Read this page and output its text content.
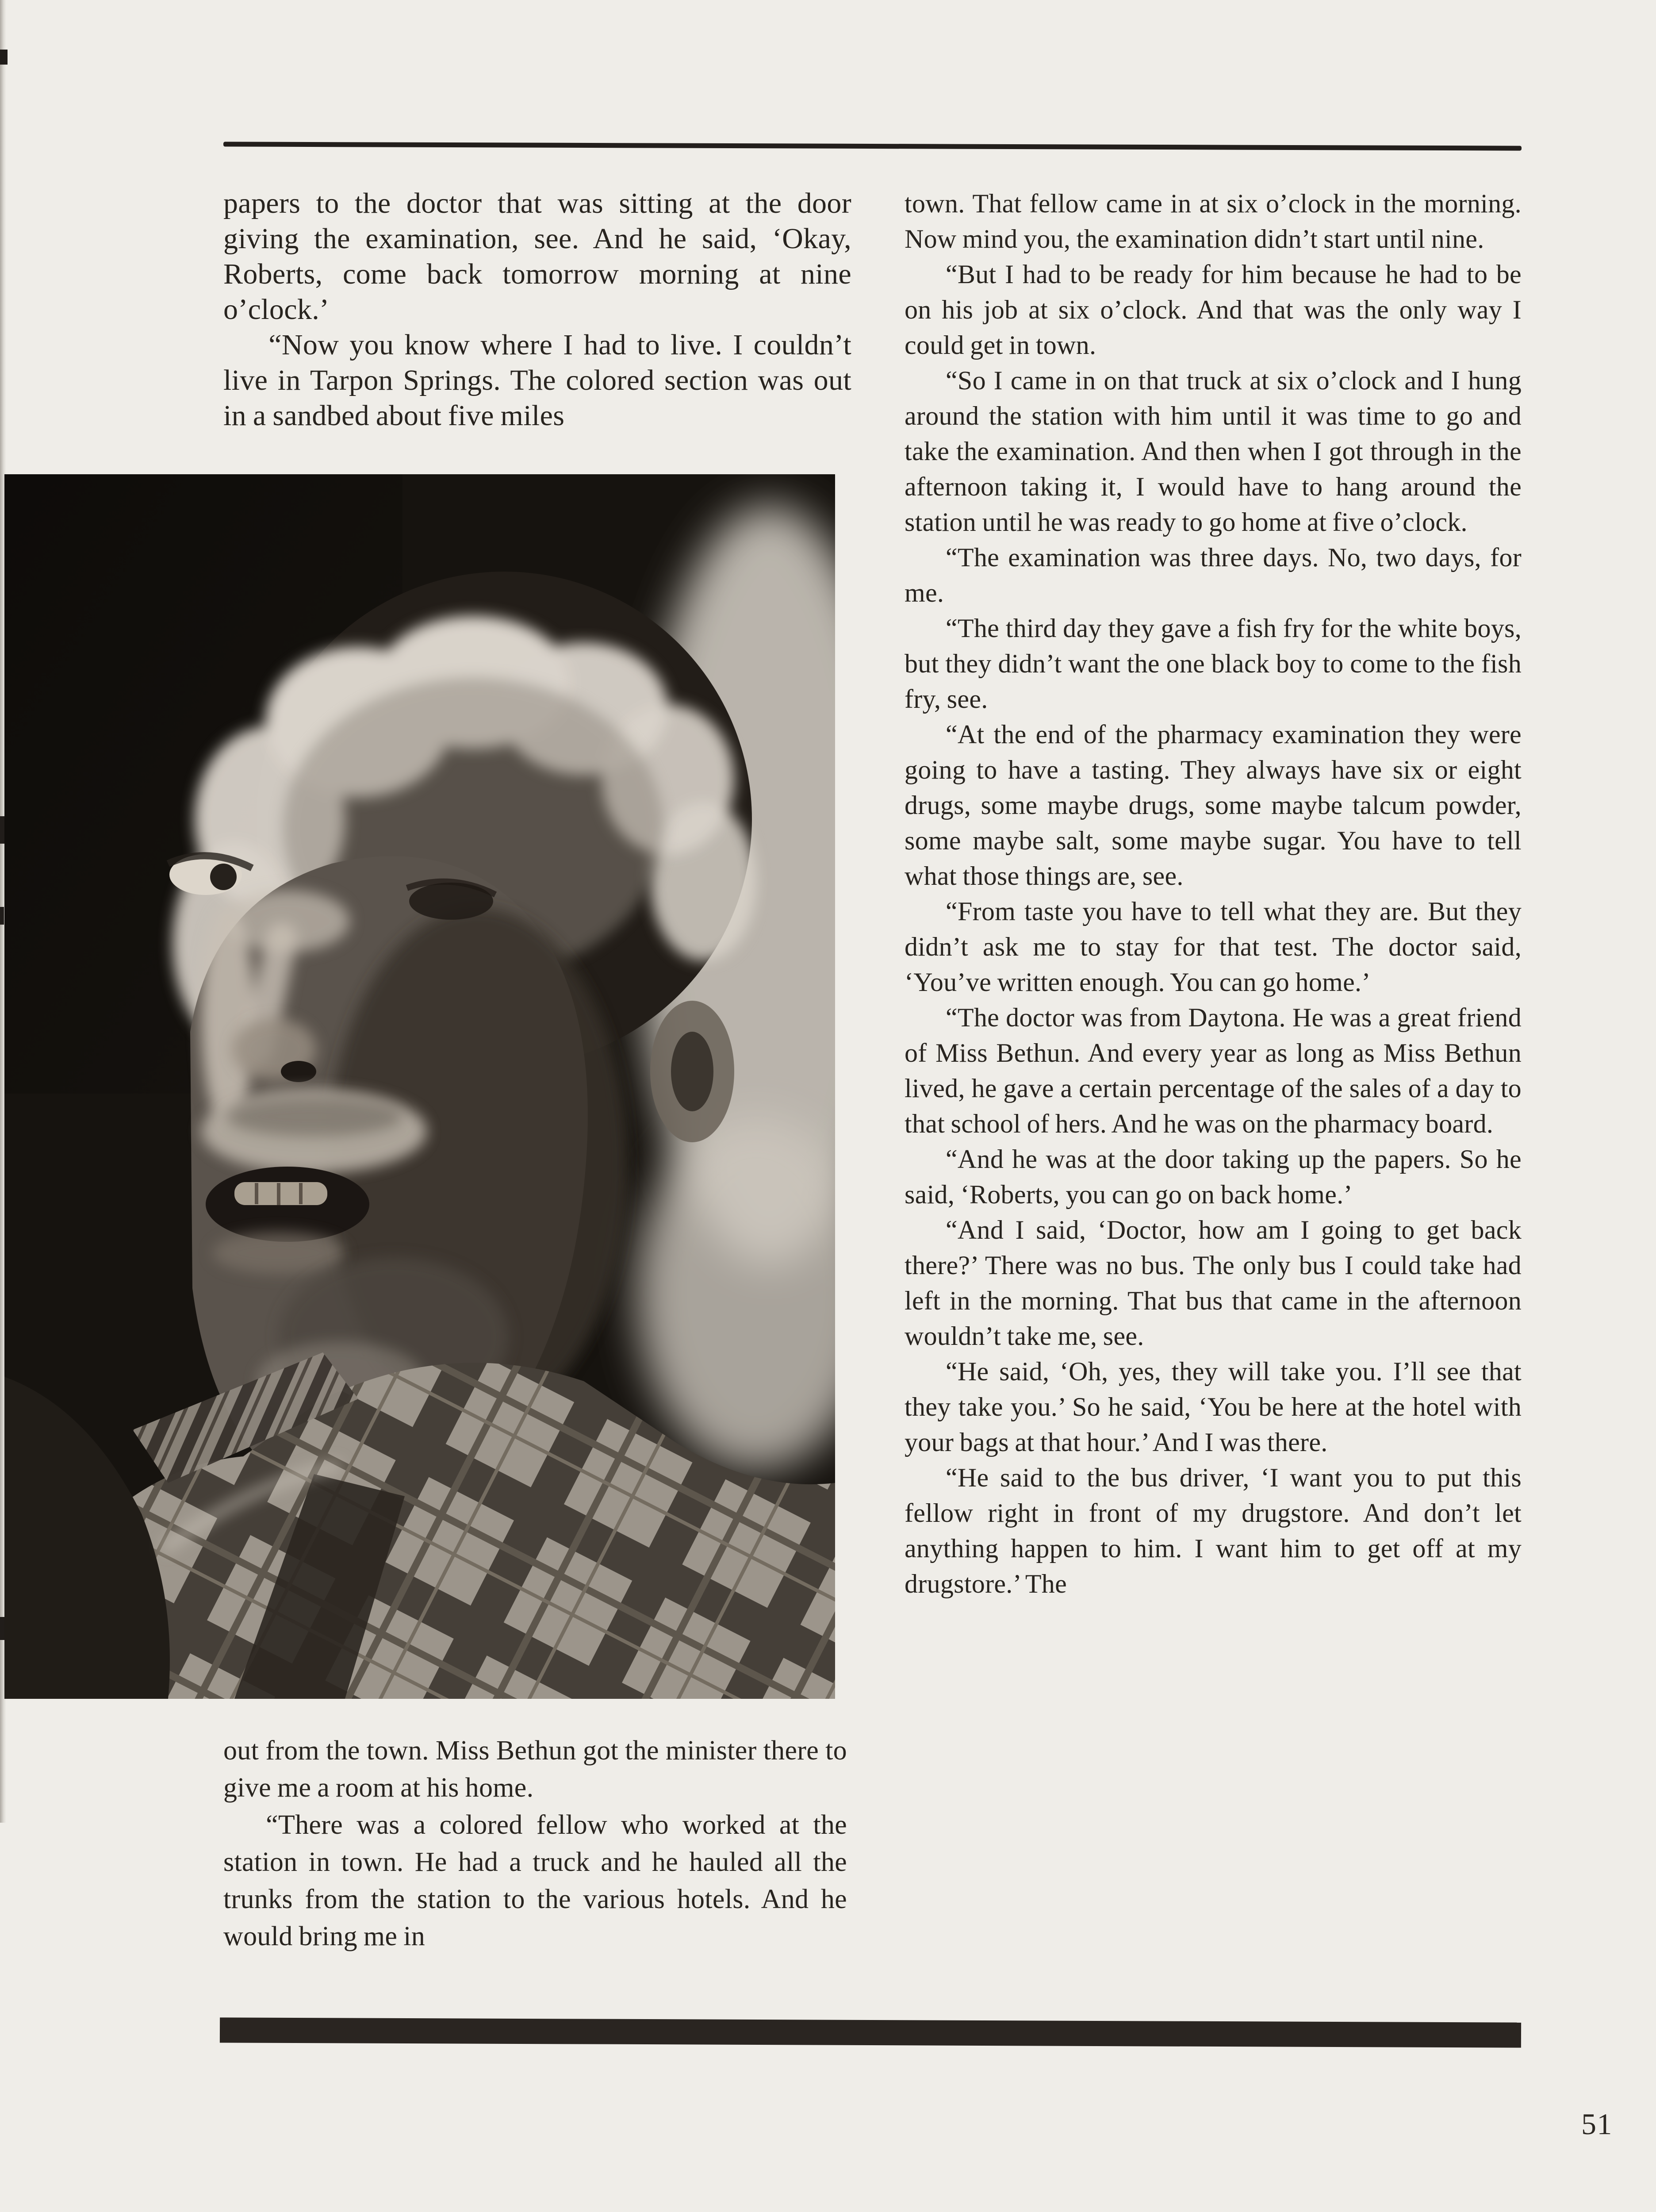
papers to the doctor that was sitting at the door giving the examination, see. And he said, ‘Okay, Roberts, come back tomorrow morning at nine o’clock.’

“Now you know where I had to live. I couldn’t live in Tarpon Springs. The colored section was out in a sandbed about five miles

out from the town. Miss Bethun got the minister there to give me a room at his home.

“There was a colored fellow who worked at the station in town. He had a truck and he hauled all the trunks from the station to the various hotels. And he would bring me in

town. That fellow came in at six o’clock in the morning. Now mind you, the examination didn’t start until nine.

“But I had to be ready for him because he had to be on his job at six o’clock. And that was the only way I could get in town.

“So I came in on that truck at six o’clock and I hung around the station with him until it was time to go and take the examination. And then when I got through in the afternoon taking it, I would have to hang around the station until he was ready to go home at five o’clock.

“The examination was three days. No, two days, for me.

“The third day they gave a fish fry for the white boys, but they didn’t want the one black boy to come to the fish fry, see.

“At the end of the pharmacy examination they were going to have a tasting. They always have six or eight drugs, some maybe drugs, some maybe talcum powder, some maybe salt, some maybe sugar. You have to tell what those things are, see.

“From taste you have to tell what they are. But they didn’t ask me to stay for that test. The doctor said, ‘You’ve written enough. You can go home.’

“The doctor was from Daytona. He was a great friend of Miss Bethun. And every year as long as Miss Bethun lived, he gave a certain percentage of the sales of a day to that school of hers. And he was on the pharmacy board.

“And he was at the door taking up the papers. So he said, ‘Roberts, you can go on back home.’

“And I said, ‘Doctor, how am I going to get back there?’ There was no bus. The only bus I could take had left in the morning. That bus that came in the afternoon wouldn’t take me, see.

“He said, ‘Oh, yes, they will take you. I’ll see that they take you.’ So he said, ‘You be here at the hotel with your bags at that hour.’ And I was there.

“He said to the bus driver, ‘I want you to put this fellow right in front of my drugstore. And don’t let anything happen to him. I want him to get off at my drugstore.’ The

51
